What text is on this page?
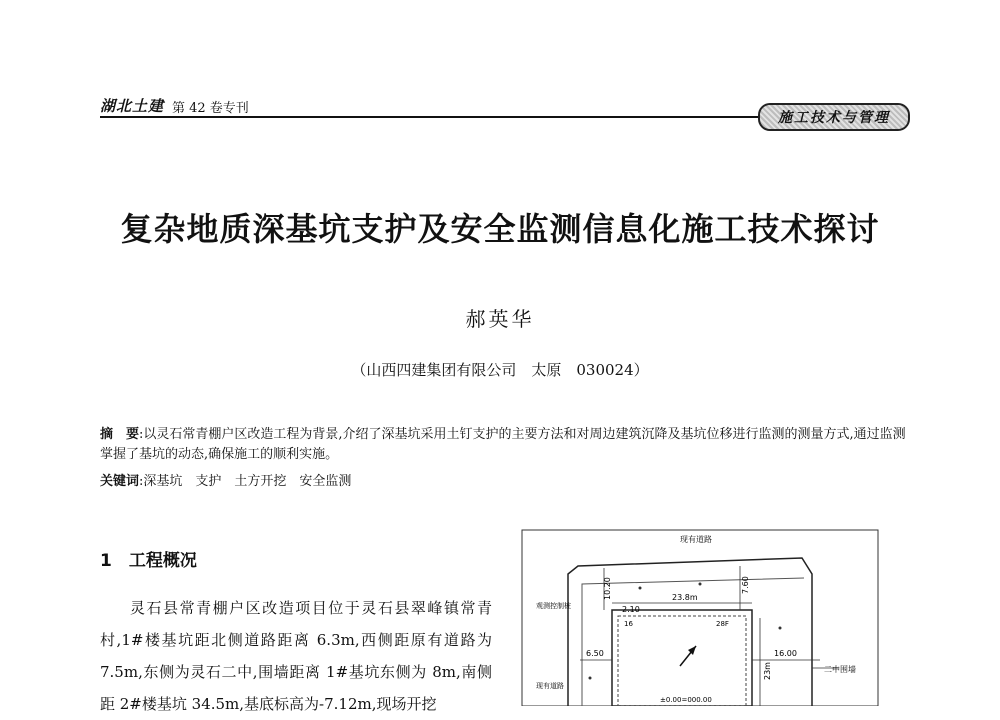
湖北土建 第 42 卷专刊
施工技术与管理
复杂地质深基坑支护及安全监测信息化施工技术探讨
郝英华
（山西四建集团有限公司　太原　030024）
摘　要:以灵石常青棚户区改造工程为背景,介绍了深基坑采用土钉支护的主要方法和对周边建筑沉降及基坑位移进行监测的测量方式,通过监测掌握了基坑的动态,确保施工的顺利实施。
关键词:深基坑　支护　土方开挖　安全监测
1　工程概况

灵石县常青棚户区改造项目位于灵石县翠峰镇常青村,1#楼基坑距北侧道路距离 6.3m,西侧距原有道路为 7.5m,东侧为灵石二中,围墙距离 1#基坑东侧为 8m,南侧距 2#楼基坑 34.5m,基底标高为-7.12m,现场开挖

现有道路
10.20	7.60
23.8m
2.10
观测控制桩
16	28F
6.50
23m
16.00
二中围墙
现有道路
±0.00=000.00
